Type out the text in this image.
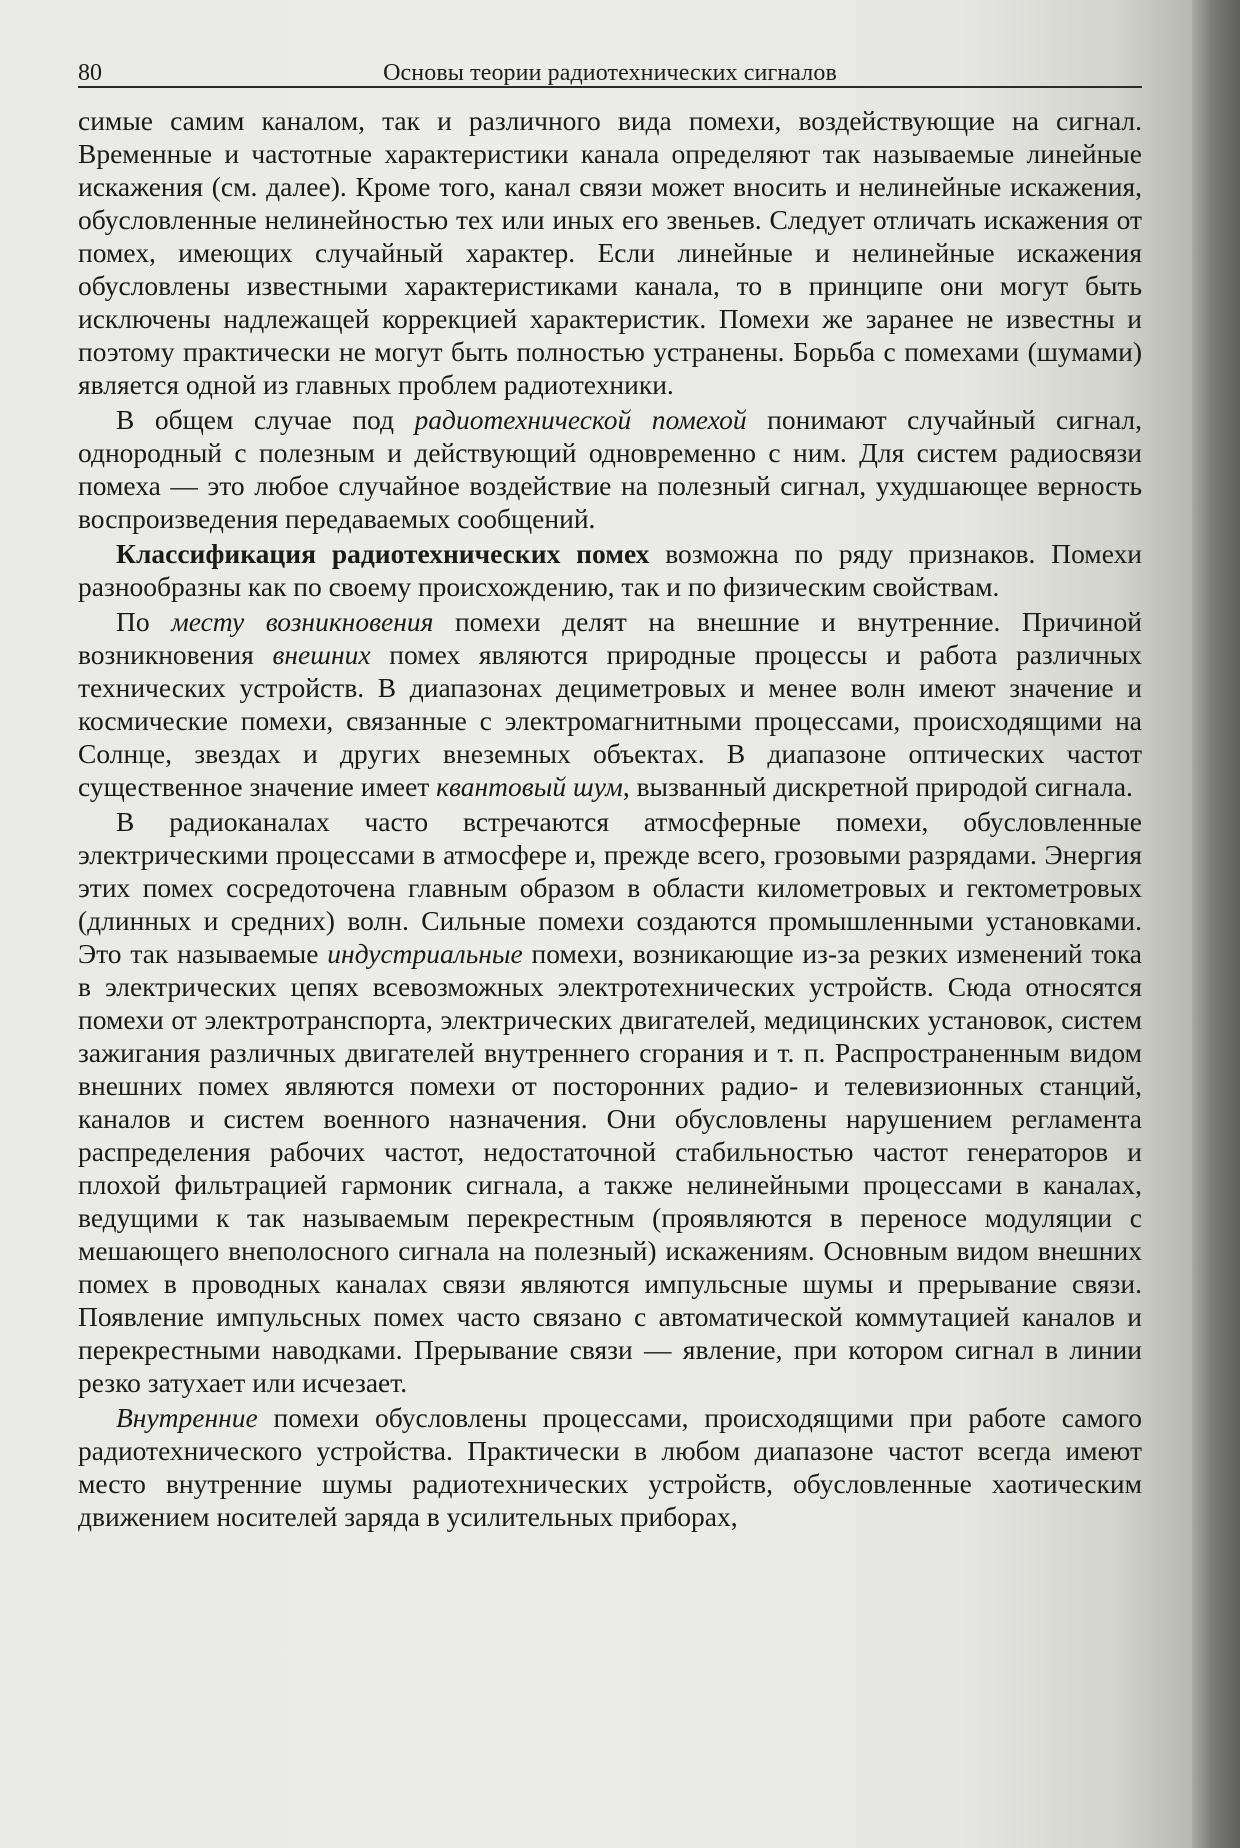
80	Основы теории радиотехнических сигналов

симые самим каналом, так и различного вида помехи, воздействующие на сигнал. Временные и частотные характеристики канала определяют так называемые линейные искажения (см. далее). Кроме того, канал связи может вносить и нелинейные искажения, обусловленные нелинейностью тех или иных его звеньев. Следует отличать искажения от помех, имеющих случайный характер. Если линейные и нелинейные искажения обусловлены известными характеристиками канала, то в принципе они могут быть исключены надлежащей коррекцией характеристик. Помехи же заранее не известны и поэтому практически не могут быть полностью устранены. Борьба с помехами (шумами) является одной из главных проблем радиотехники.

В общем случае под радиотехнической помехой понимают случайный сигнал, однородный с полезным и действующий одновременно с ним. Для систем радиосвязи помеха — это любое случайное воздействие на полезный сигнал, ухудшающее верность воспроизведения передаваемых сообщений.

Классификация радиотехнических помех возможна по ряду признаков. Помехи разнообразны как по своему происхождению, так и по физическим свойствам.

По месту возникновения помехи делят на внешние и внутренние. Причиной возникновения внешних помех являются природные процессы и работа различных технических устройств. В диапазонах дециметровых и менее волн имеют значение и космические помехи, связанные с электромагнитными процессами, происходящими на Солнце, звездах и других внеземных объектах. В диапазоне оптических частот существенное значение имеет квантовый шум, вызванный дискретной природой сигнала.

В радиоканалах часто встречаются атмосферные помехи, обусловленные электрическими процессами в атмосфере и, прежде всего, грозовыми разрядами. Энергия этих помех сосредоточена главным образом в области километровых и гектометровых (длинных и средних) волн. Сильные помехи создаются промышленными установками. Это так называемые индустриальные помехи, возникающие из-за резких изменений тока в электрических цепях всевозможных электротехнических устройств. Сюда относятся помехи от электротранспорта, электрических двигателей, медицинских установок, систем зажигания различных двигателей внутреннего сгорания и т. п. Распространенным видом внешних помех являются помехи от посторонних радио- и телевизионных станций, каналов и систем военного назначения. Они обусловлены нарушением регламента распределения рабочих частот, недостаточной стабильностью частот генераторов и плохой фильтрацией гармоник сигнала, а также нелинейными процессами в каналах, ведущими к так называемым перекрестным (проявляются в переносе модуляции с мешающего внеполосного сигнала на полезный) искажениям. Основным видом внешних помех в проводных каналах связи являются импульсные шумы и прерывание связи. Появление импульсных помех часто связано с автоматической коммутацией каналов и перекрестными наводками. Прерывание связи — явление, при котором сигнал в линии резко затухает или исчезает.

Внутренние помехи обусловлены процессами, происходящими при работе самого радиотехнического устройства. Практически в любом диапазоне частот всегда имеют место внутренние шумы радиотехнических устройств, обусловленные хаотическим движением носителей заряда в усилительных приборах,
